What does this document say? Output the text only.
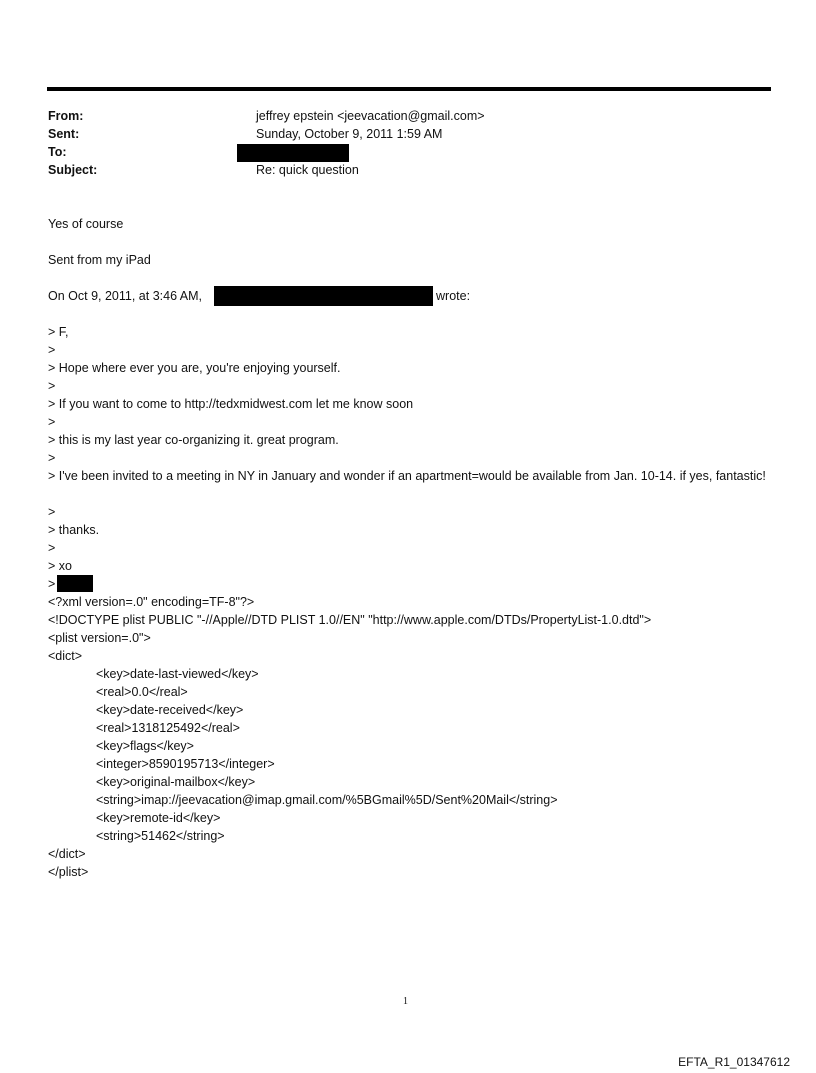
From:	jeffrey epstein <jeevacation@gmail.com>
Sent:	Sunday, October 9, 2011 1:59 AM
To:
Subject:	Re: quick question
Yes of course
Sent from my iPad
On Oct 9, 2011, at 3:46 AM,	wrote:
> F,
>
> Hope where ever you are, you're enjoying yourself.
>
> If you want to come to http://tedxmidwest.com let me know soon
>
> this is my last year co-organizing it. great program.
>
> I've been invited to a meeting in NY in January and wonder if an apartment=would be available from Jan. 10-14. if yes, fantastic!
>
> thanks.
>
> xo
>
<?xml version=.0" encoding=TF-8"?>
<!DOCTYPE plist PUBLIC "-//Apple//DTD PLIST 1.0//EN" "http://www.apple.com/DTDs/PropertyList-1.0.dtd">
<plist version=.0">
<dict>
<key>date-last-viewed</key>
<real>0.0</real>
<key>date-received</key>
<real>1318125492</real>
<key>flags</key>
<integer>8590195713</integer>
<key>original-mailbox</key>
<string>imap://jeevacation@imap.gmail.com/%5BGmail%5D/Sent%20Mail</string>
<key>remote-id</key>
<string>51462</string>
</dict>
</plist>
1
EFTA_R1_01347612
